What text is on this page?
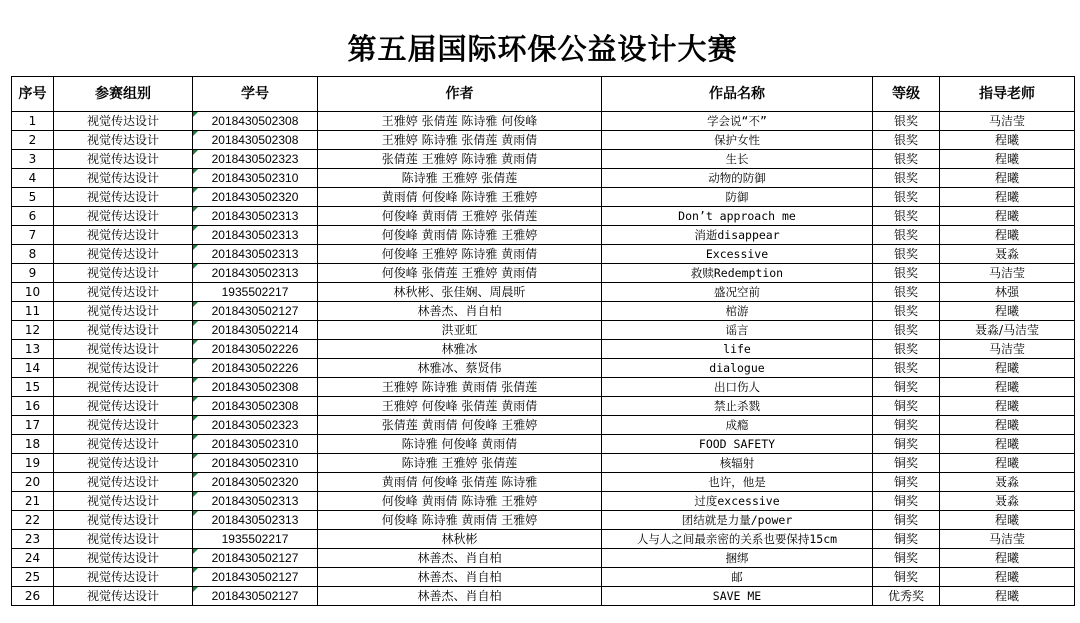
第五届国际环保公益设计大赛
序号	参赛组别	学号	作者	作品名称	等级	指导老师
1	视觉传达设计	2018430502308	王雅婷 张倩莲 陈诗雅 何俊峰	学会说“不”	银奖	马洁莹
2	视觉传达设计	2018430502308	王雅婷 陈诗雅 张倩莲 黄雨倩	保护女性	银奖	程曦
3	视觉传达设计	2018430502323	张倩莲 王雅婷 陈诗雅 黄雨倩	生长	银奖	程曦
4	视觉传达设计	2018430502310	陈诗雅 王雅婷 张倩莲	动物的防御	银奖	程曦
5	视觉传达设计	2018430502320	黄雨倩 何俊峰 陈诗雅 王雅婷	防御	银奖	程曦
6	视觉传达设计	2018430502313	何俊峰 黄雨倩 王雅婷 张倩莲	Don’t approach me	银奖	程曦
7	视觉传达设计	2018430502313	何俊峰 黄雨倩 陈诗雅 王雅婷	消逝disappear	银奖	程曦
8	视觉传达设计	2018430502313	何俊峰 王雅婷 陈诗雅 黄雨倩	Excessive	银奖	聂淼
9	视觉传达设计	2018430502313	何俊峰 张倩莲 王雅婷 黄雨倩	救赎Redemption	银奖	马洁莹
10	视觉传达设计	1935502217	林秋彬、张佳娴、周晨昕	盛况空前	银奖	林强
11	视觉传达设计	2018430502127	林善杰、肖自柏	棺游	银奖	程曦
12	视觉传达设计	2018430502214	洪亚虹	谣言	银奖	聂淼/马洁莹
13	视觉传达设计	2018430502226	林雅冰	life	银奖	马洁莹
14	视觉传达设计	2018430502226	林雅冰、蔡贤伟	dialogue	银奖	程曦
15	视觉传达设计	2018430502308	王雅婷 陈诗雅 黄雨倩 张倩莲	出口伤人	铜奖	程曦
16	视觉传达设计	2018430502308	王雅婷 何俊峰 张倩莲 黄雨倩	禁止杀戮	铜奖	程曦
17	视觉传达设计	2018430502323	张倩莲 黄雨倩 何俊峰 王雅婷	成瘾	铜奖	程曦
18	视觉传达设计	2018430502310	陈诗雅 何俊峰 黄雨倩	FOOD SAFETY	铜奖	程曦
19	视觉传达设计	2018430502310	陈诗雅 王雅婷 张倩莲	核辐射	铜奖	程曦
20	视觉传达设计	2018430502320	黄雨倩 何俊峰 张倩莲 陈诗雅	也许，他是	铜奖	聂淼
21	视觉传达设计	2018430502313	何俊峰 黄雨倩 陈诗雅 王雅婷	过度excessive	铜奖	聂淼
22	视觉传达设计	2018430502313	何俊峰 陈诗雅 黄雨倩 王雅婷	团结就是力量/power	铜奖	程曦
23	视觉传达设计	1935502217	林秋彬	人与人之间最亲密的关系也要保持15cm	铜奖	马洁莹
24	视觉传达设计	2018430502127	林善杰、肖自柏	捆绑	铜奖	程曦
25	视觉传达设计	2018430502127	林善杰、肖自柏	邮	铜奖	程曦
26	视觉传达设计	2018430502127	林善杰、肖自柏	SAVE ME	优秀奖	程曦
